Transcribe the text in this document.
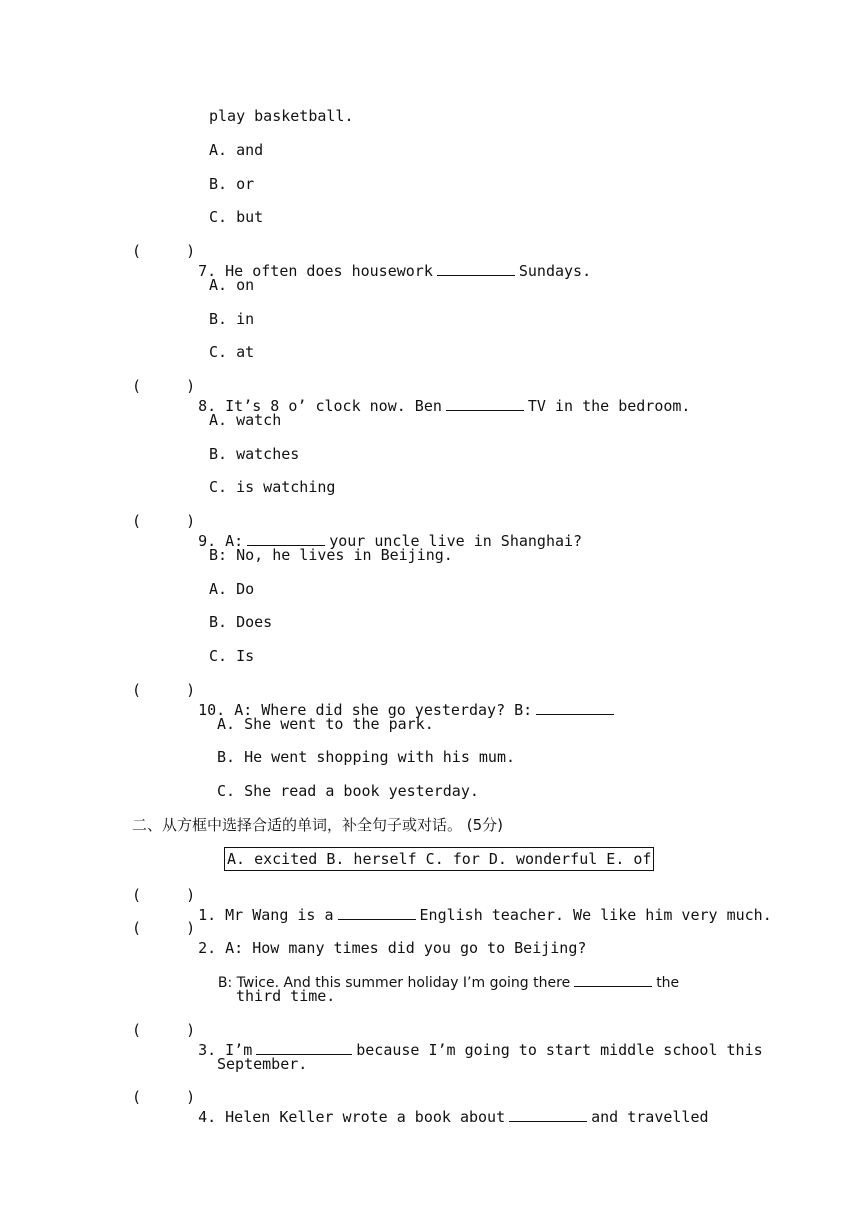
play basketball.
A. and
B. or
C. but
(     )

7. He often does housework	Sundays.

A. on
B. in
C. at
(     )

8. It’s 8 o’ clock now. Ben	TV in the bedroom.

A. watch
B. watches
C. is watching
(     )

9. A:	your uncle live in Shanghai?

B: No, he lives in Beijing.
A. Do
B. Does
C. Is
(     )

10. A: Where did she go yesterday? B:

A. She went to the park.
B. He went shopping with his mum.
C. She read a book yesterday.
二、从方框中选择合适的单词，补全句子或对话。 (5分)
A. excited B. herself C. for D. wonderful E. of
(     )

1. Mr Wang is a	English teacher. We like him very much.

(     )

2. A: How many times did you go to Beijing?

B: Twice. And this summer holiday I’m going there	the

third time.
(     )

3. I’m	because I’m going to start middle school this

September.
(     )

4. Helen Keller wrote a book about	and travelled
